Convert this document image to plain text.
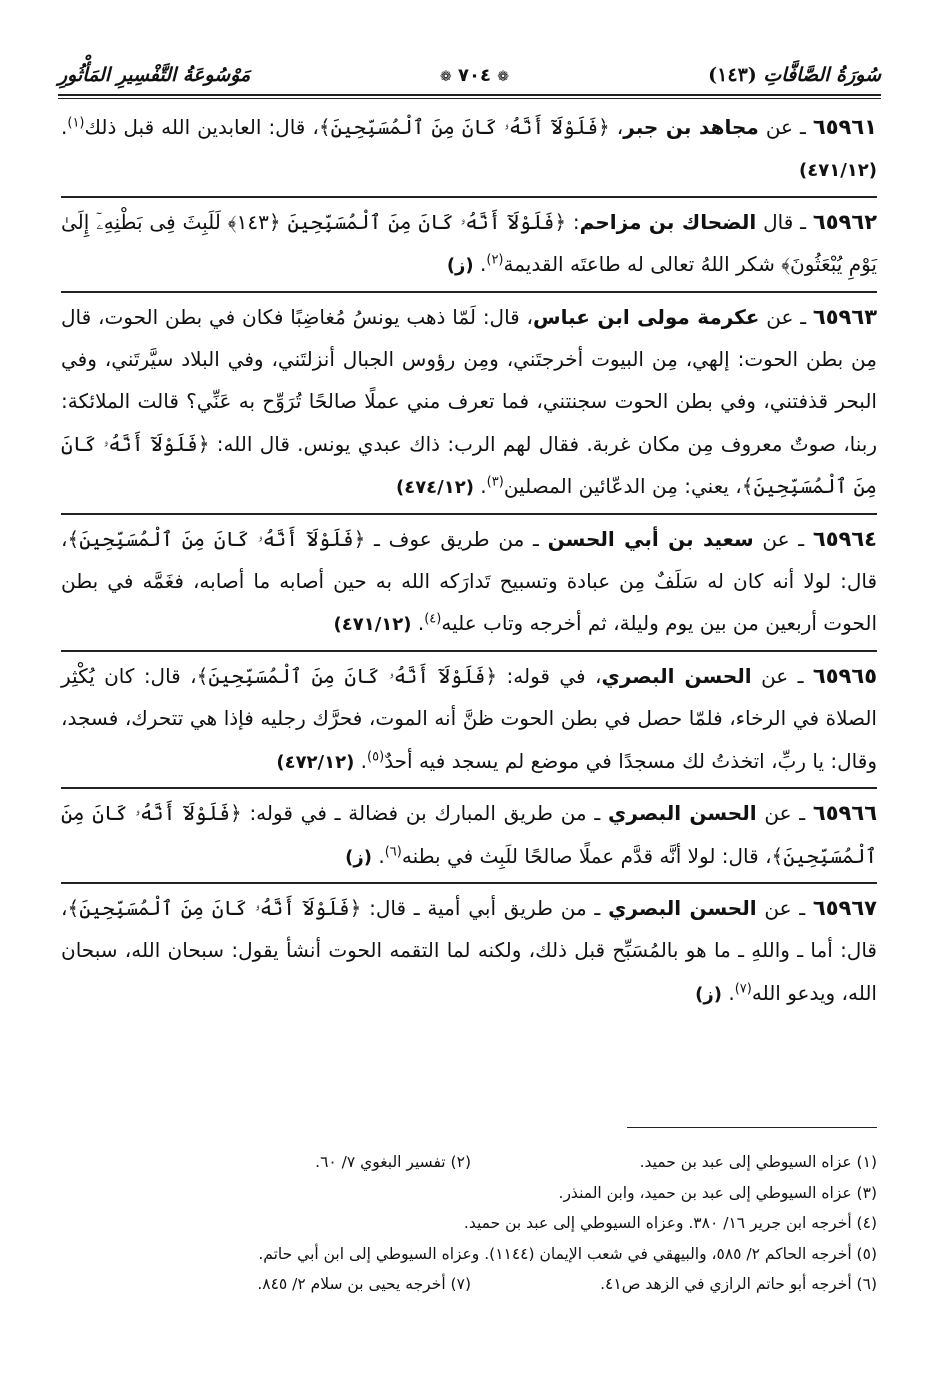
سُورَةُ الصَّافَّاتِ (١٤٣)
❁ ٧٠٤ ❁
مَوْسُوعَةُ التَّفْسِيرِ المَأْثُورِ
٦٥٩٦١ ـ عن مجاهد بن جبر، ﴿فَلَوْلَآ أَنَّهُۥ كَانَ مِنَ ٱلْمُسَبِّحِينَ﴾، قال: العابدين الله قبل ذلك$^{(١)}$. (٤٧١/١٢)
٦٥٩٦٢ ـ قال الضحاك بن مزاحم: ﴿فَلَوْلَآ أَنَّهُۥ كَانَ مِنَ ٱلْمُسَبِّحِينَ ﴿١٤٣﴾ لَلَبِثَ فِى بَطْنِهِۦٓ إِلَىٰ يَوْمِ يُبْعَثُونَ﴾ شكر اللهُ تعالى له طاعتَه القديمة$^{(٢)}$. (ز)
٦٥٩٦٣ ـ عن عكرمة مولى ابن عباس، قال: لَمّا ذهب يونسُ مُغاضِبًا فكان في بطن الحوت، قال مِن بطن الحوت: إلهي، مِن البيوت أخرجتَني، ومِن رؤوس الجبال أنزلتَني، وفي البلاد سيَّرتَني، وفي البحر قذفتني، وفي بطن الحوت سجنتني، فما تعرف مني عملًا صالحًا تُرَوِّح به عَنِّي؟ قالت الملائكة: ربنا، صوتٌ معروف مِن مكان غربة. فقال لهم الرب: ذاك عبدي يونس. قال الله: ﴿فَلَوْلَآ أَنَّهُۥ كَانَ مِنَ ٱلْمُسَبِّحِينَ﴾، يعني: مِن الدعّائين المصلين$^{(٣)}$. (٤٧٤/١٢)
٦٥٩٦٤ ـ عن سعيد بن أبي الحسن ـ من طريق عوف ـ ﴿فَلَوْلَآ أَنَّهُۥ كَانَ مِنَ ٱلْمُسَبِّحِينَ﴾، قال: لولا أنه كان له سَلَفٌ مِن عبادة وتسبيح تَدارَكه الله به حين أصابه ما أصابه، فغَمَّه في بطن الحوت أربعين من بين يوم وليلة، ثم أخرجه وتاب عليه$^{(٤)}$. (٤٧١/١٢)
٦٥٩٦٥ ـ عن الحسن البصري، في قوله: ﴿فَلَوْلَآ أَنَّهُۥ كَانَ مِنَ ٱلْمُسَبِّحِينَ﴾، قال: كان يُكْثِر الصلاة في الرخاء، فلمّا حصل في بطن الحوت ظنَّ أنه الموت، فحرَّك رجليه فإذا هي تتحرك، فسجد، وقال: يا ربِّ، اتخذتُ لك مسجدًا في موضع لم يسجد فيه أحدٌ$^{(٥)}$. (٤٧٢/١٢)
٦٥٩٦٦ ـ عن الحسن البصري ـ من طريق المبارك بن فضالة ـ في قوله: ﴿فَلَوْلَآ أَنَّهُۥ كَانَ مِنَ ٱلْمُسَبِّحِينَ﴾، قال: لولا أنَّه قدَّم عملًا صالحًا للَبِث في بطنه$^{(٦)}$. (ز)
٦٥٩٦٧ ـ عن الحسن البصري ـ من طريق أبي أمية ـ قال: ﴿فَلَوْلَآ أَنَّهُۥ كَانَ مِنَ ٱلْمُسَبِّحِينَ﴾، قال: أما ـ واللهِ ـ ما هو بالمُسَبِّح قبل ذلك، ولكنه لما التقمه الحوت أنشأ يقول: سبحان الله، سبحان الله، ويدعو الله$^{(٧)}$. (ز)
(١) عزاه السيوطي إلى عبد بن حميد.
(٢) تفسير البغوي ٧/ ٦٠.
(٣) عزاه السيوطي إلى عبد بن حميد، وابن المنذر.
(٤) أخرجه ابن جرير ١٦/ ٣٨٠. وعزاه السيوطي إلى عبد بن حميد.
(٥) أخرجه الحاكم ٢/ ٥٨٥، والبيهقي في شعب الإيمان (١١٤٤). وعزاه السيوطي إلى ابن أبي حاتم.
(٦) أخرجه أبو حاتم الرازي في الزهد ص٤١.
(٧) أخرجه يحيى بن سلام ٢/ ٨٤٥.
